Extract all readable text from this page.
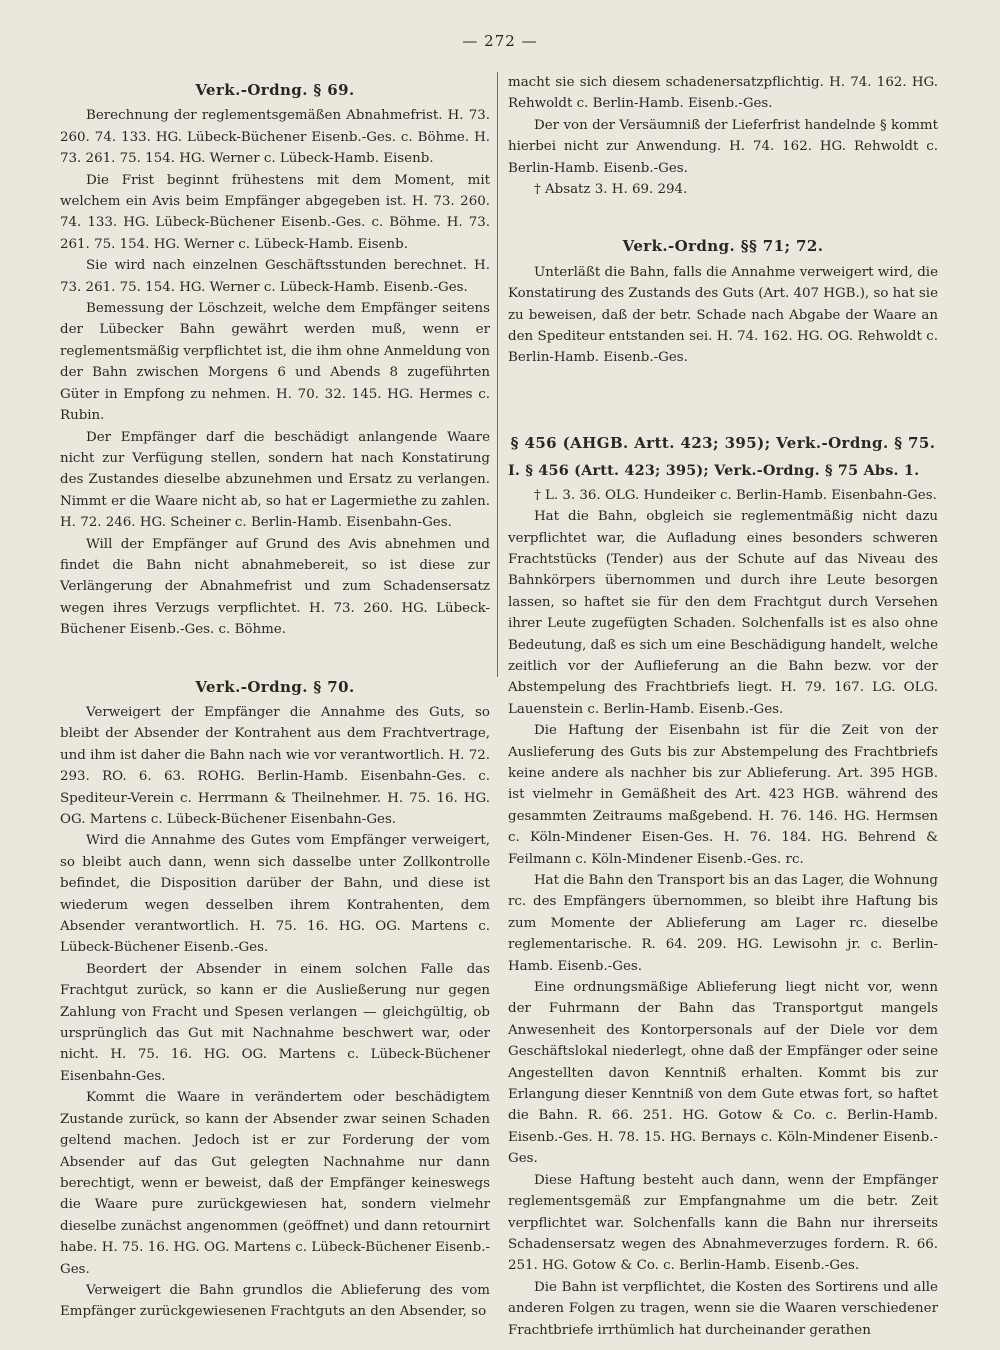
— 272 —
Verk.-Ordng. § 69.

Berechnung der reglementsgemäßen Abnahmefrist. H. 73. 260. 74. 133. HG. Lübeck-Büchener Eisenb.-Ges. c. Böhme. H. 73. 261. 75. 154. HG. Werner c. Lübeck-Hamb. Eisenb.

Die Frist beginnt frühestens mit dem Moment, mit welchem ein Avis beim Empfänger abgegeben ist. H. 73. 260. 74. 133. HG. Lübeck-Büchener Eisenb.-Ges. c. Böhme. H. 73. 261. 75. 154. HG. Werner c. Lübeck-Hamb. Eisenb.

Sie wird nach einzelnen Geschäftsstunden berechnet. H. 73. 261. 75. 154. HG. Werner c. Lübeck-Hamb. Eisenb.-Ges.

Bemessung der Löschzeit, welche dem Empfänger seitens der Lübecker Bahn gewährt werden muß, wenn er reglementsmäßig verpflichtet ist, die ihm ohne Anmeldung von der Bahn zwischen Morgens 6 und Abends 8 zugeführten Güter in Empfong zu nehmen. H. 70. 32. 145. HG. Hermes c. Rubin.

Der Empfänger darf die beschädigt anlangende Waare nicht zur Verfügung stellen, sondern hat nach Konstatirung des Zustandes dieselbe abzunehmen und Ersatz zu verlangen. Nimmt er die Waare nicht ab, so hat er Lagermiethe zu zahlen. H. 72. 246. HG. Scheiner c. Berlin-Hamb. Eisenbahn-Ges.

Will der Empfänger auf Grund des Avis abnehmen und findet die Bahn nicht abnahmebereit, so ist diese zur Verlängerung der Abnahmefrist und zum Schadensersatz wegen ihres Verzugs verpflichtet. H. 73. 260. HG. Lübeck-Büchener Eisenb.-Ges. c. Böhme.

Verk.-Ordng. § 70.

Verweigert der Empfänger die Annahme des Guts, so bleibt der Absender der Kontrahent aus dem Frachtvertrage, und ihm ist daher die Bahn nach wie vor verantwortlich. H. 72. 293. RO. 6. 63. ROHG. Berlin-Hamb. Eisenbahn-Ges. c. Spediteur-Verein c. Herrmann & Theilnehmer. H. 75. 16. HG. OG. Martens c. Lübeck-Büchener Eisenbahn-Ges.

Wird die Annahme des Gutes vom Empfänger verweigert, so bleibt auch dann, wenn sich dasselbe unter Zollkontrolle befindet, die Disposition darüber der Bahn, und diese ist wiederum wegen desselben ihrem Kontrahenten, dem Absender verantwortlich. H. 75. 16. HG. OG. Martens c. Lübeck-Büchener Eisenb.-Ges.

Beordert der Absender in einem solchen Falle das Frachtgut zurück, so kann er die Ausließerung nur gegen Zahlung von Fracht und Spesen verlangen — gleichgültig, ob ursprünglich das Gut mit Nachnahme beschwert war, oder nicht. H. 75. 16. HG. OG. Martens c. Lübeck-Büchener Eisenbahn-Ges.

Kommt die Waare in verändertem oder beschädigtem Zustande zurück, so kann der Absender zwar seinen Schaden geltend machen. Jedoch ist er zur Forderung der vom Absender auf das Gut gelegten Nachnahme nur dann berechtigt, wenn er beweist, daß der Empfänger keineswegs die Waare pure zurückgewiesen hat, sondern vielmehr dieselbe zunächst angenommen (geöffnet) und dann retournirt habe. H. 75. 16. HG. OG. Martens c. Lübeck-Büchener Eisenb.-Ges.

Verweigert die Bahn grundlos die Ablieferung des vom Empfänger zurückgewiesenen Frachtguts an den Absender, so

macht sie sich diesem schadenersatzpflichtig. H. 74. 162. HG. Rehwoldt c. Berlin-Hamb. Eisenb.-Ges.

Der von der Versäumniß der Lieferfrist handelnde § kommt hierbei nicht zur Anwendung. H. 74. 162. HG. Rehwoldt c. Berlin-Hamb. Eisenb.-Ges.

† Absatz 3. H. 69. 294.

Verk.-Ordng. §§ 71; 72.

Unterläßt die Bahn, falls die Annahme verweigert wird, die Konstatirung des Zustands des Guts (Art. 407 HGB.), so hat sie zu beweisen, daß der betr. Schade nach Abgabe der Waare an den Spediteur entstanden sei. H. 74. 162. HG. OG. Rehwoldt c. Berlin-Hamb. Eisenb.-Ges.

§ 456 (AHGB. Artt. 423; 395); Verk.-Ordng. § 75.
I. § 456 (Artt. 423; 395); Verk.-Ordng. § 75 Abs. 1.

† L. 3. 36. OLG. Hundeiker c. Berlin-Hamb. Eisenbahn-Ges.

Hat die Bahn, obgleich sie reglementmäßig nicht dazu verpflichtet war, die Aufladung eines besonders schweren Frachtstücks (Tender) aus der Schute auf das Niveau des Bahnkörpers übernommen und durch ihre Leute besorgen lassen, so haftet sie für den dem Frachtgut durch Versehen ihrer Leute zugefügten Schaden. Solchenfalls ist es also ohne Bedeutung, daß es sich um eine Beschädigung handelt, welche zeitlich vor der Auflieferung an die Bahn bezw. vor der Abstempelung des Frachtbriefs liegt. H. 79. 167. LG. OLG. Lauenstein c. Berlin-Hamb. Eisenb.-Ges.

Die Haftung der Eisenbahn ist für die Zeit von der Auslieferung des Guts bis zur Abstempelung des Frachtbriefs keine andere als nachher bis zur Ablieferung. Art. 395 HGB. ist vielmehr in Gemäßheit des Art. 423 HGB. während des gesammten Zeitraums maßgebend. H. 76. 146. HG. Hermsen c. Köln-Mindener Eisen-Ges. H. 76. 184. HG. Behrend & Feilmann c. Köln-Mindener Eisenb.-Ges. rc.

Hat die Bahn den Transport bis an das Lager, die Wohnung rc. des Empfängers übernommen, so bleibt ihre Haftung bis zum Momente der Ablieferung am Lager rc. dieselbe reglementarische. R. 64. 209. HG. Lewisohn jr. c. Berlin-Hamb. Eisenb.-Ges.

Eine ordnungsmäßige Ablieferung liegt nicht vor, wenn der Fuhrmann der Bahn das Transportgut mangels Anwesenheit des Kontorpersonals auf der Diele vor dem Geschäftslokal niederlegt, ohne daß der Empfänger oder seine Angestellten davon Kenntniß erhalten. Kommt bis zur Erlangung dieser Kenntniß von dem Gute etwas fort, so haftet die Bahn. R. 66. 251. HG. Gotow & Co. c. Berlin-Hamb. Eisenb.-Ges. H. 78. 15. HG. Bernays c. Köln-Mindener Eisenb.-Ges.

Diese Haftung besteht auch dann, wenn der Empfänger reglementsgemäß zur Empfangnahme um die betr. Zeit verpflichtet war. Solchenfalls kann die Bahn nur ihrerseits Schadensersatz wegen des Abnahmeverzuges fordern. R. 66. 251. HG. Gotow & Co. c. Berlin-Hamb. Eisenb.-Ges.

Die Bahn ist verpflichtet, die Kosten des Sortirens und alle anderen Folgen zu tragen, wenn sie die Waaren verschiedener Frachtbriefe irrthümlich hat durcheinander gerathen
